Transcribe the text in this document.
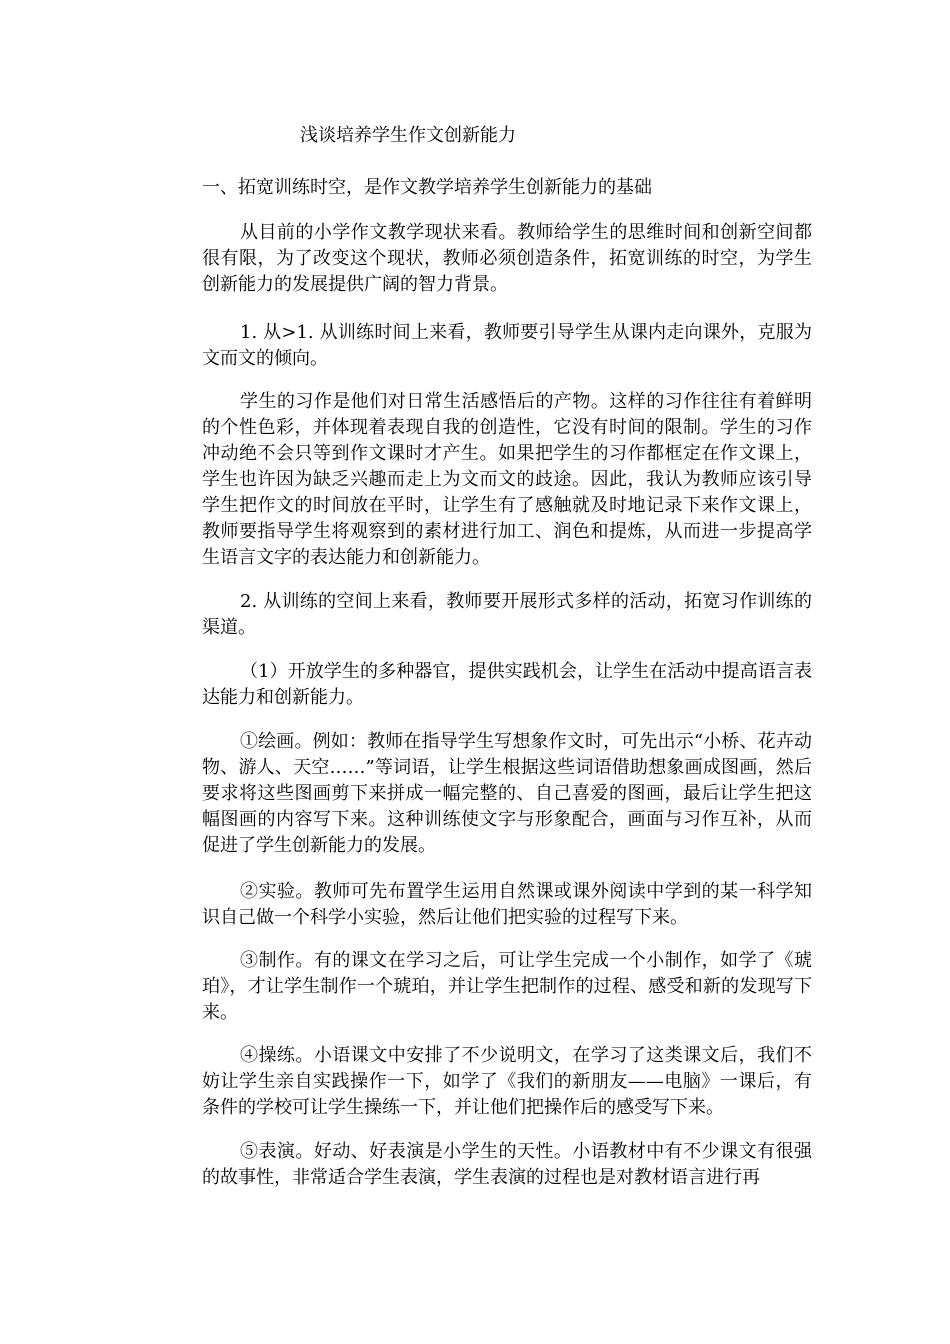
浅谈培养学生作文创新能力
一、拓宽训练时空，是作文教学培养学生创新能力的基础

从目前的小学作文教学现状来看。教师给学生的思维时间和创新空间都很有限，为了改变这个现状，教师必须创造条件，拓宽训练的时空，为学生创新能力的发展提供广阔的智力背景。

1. 从>1. 从训练时间上来看，教师要引导学生从课内走向课外，克服为文而文的倾向。

学生的习作是他们对日常生活感悟后的产物。这样的习作往往有着鲜明的个性色彩，并体现着表现自我的创造性，它没有时间的限制。学生的习作冲动绝不会只等到作文课时才产生。如果把学生的习作都框定在作文课上，学生也许因为缺乏兴趣而走上为文而文的歧途。因此，我认为教师应该引导学生把作文的时间放在平时，让学生有了感触就及时地记录下来作文课上，教师要指导学生将观察到的素材进行加工、润色和提炼，从而进一步提高学生语言文字的表达能力和创新能力。

2. 从训练的空间上来看，教师要开展形式多样的活动，拓宽习作训练的渠道。

（1）开放学生的多种器官，提供实践机会，让学生在活动中提高语言表达能力和创新能力。

①绘画。例如：教师在指导学生写想象作文时，可先出示“小桥、花卉动物、游人、天空……”等词语，让学生根据这些词语借助想象画成图画，然后要求将这些图画剪下来拼成一幅完整的、自己喜爱的图画，最后让学生把这幅图画的内容写下来。这种训练使文字与形象配合，画面与习作互补，从而促进了学生创新能力的发展。

②实验。教师可先布置学生运用自然课或课外阅读中学到的某一科学知识自己做一个科学小实验，然后让他们把实验的过程写下来。

③制作。有的课文在学习之后，可让学生完成一个小制作，如学了《琥珀》，才让学生制作一个琥珀，并让学生把制作的过程、感受和新的发现写下来。

④操练。小语课文中安排了不少说明文，在学习了这类课文后，我们不妨让学生亲自实践操作一下，如学了《我们的新朋友——电脑》一课后，有条件的学校可让学生操练一下，并让他们把操作后的感受写下来。

⑤表演。好动、好表演是小学生的天性。小语教材中有不少课文有很强的故事性，非常适合学生表演，学生表演的过程也是对教材语言进行再
